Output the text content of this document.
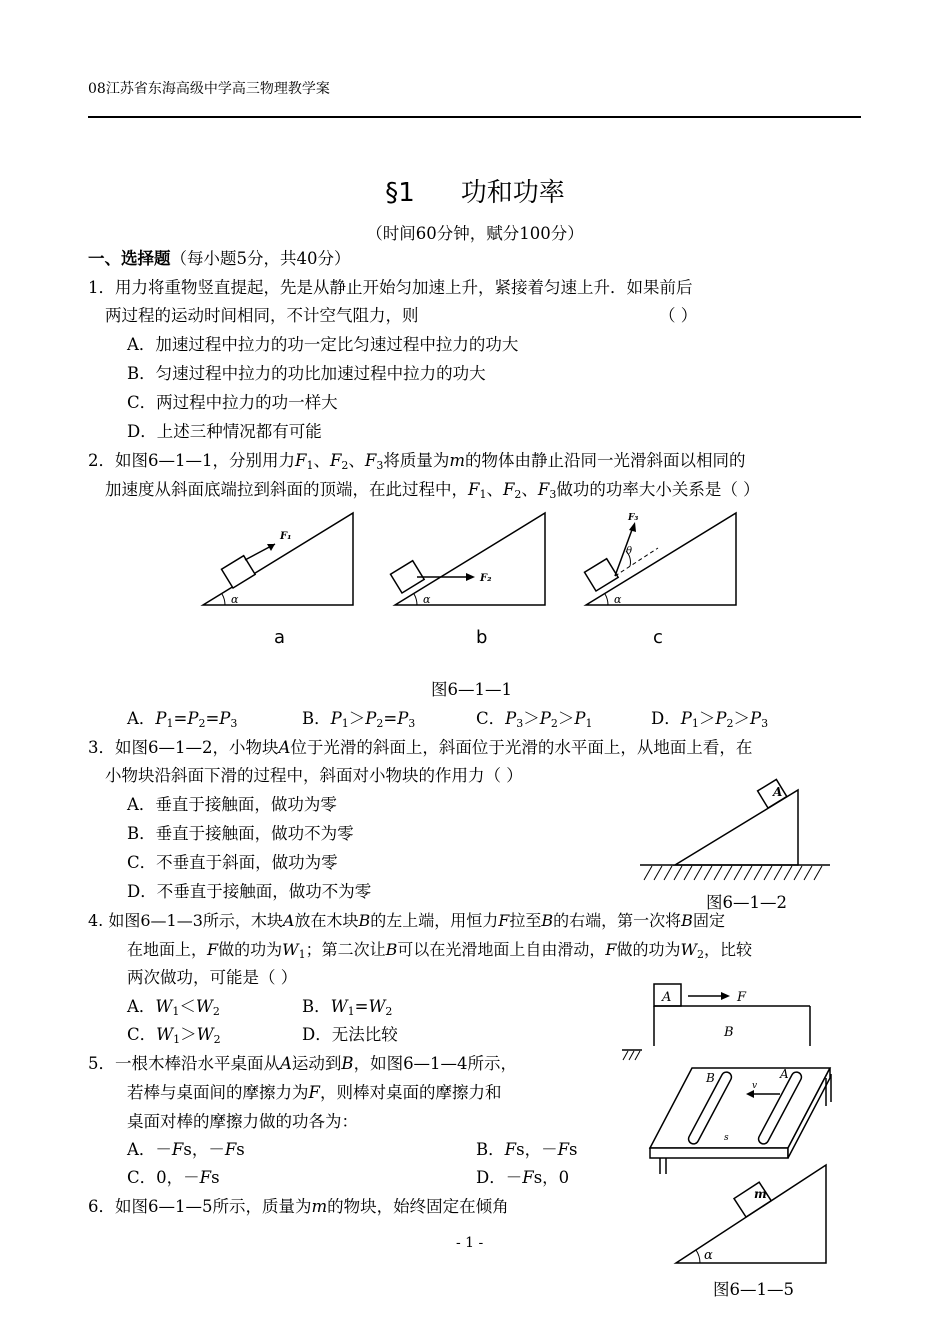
08江苏省东海高级中学高三物理教学案
§1 功和功率
（时间60分钟，赋分100分）
一、选择题（每小题5分，共40分）
1．用力将重物竖直提起，先是从静止开始匀加速上升，紧接着匀速上升．如果前后
两过程的运动时间相同，不计空气阻力，则	（ ）
A．加速过程中拉力的功一定比匀速过程中拉力的功大
B．匀速过程中拉力的功比加速过程中拉力的功大
C．两过程中拉力的功一样大
D．上述三种情况都有可能
2．如图6—1—1，分别用力$F_1$、$F_2$、$F_3$将质量为m的物体由静止沿同一光滑斜面以相同的
加速度从斜面底端拉到斜面的顶端，在此过程中，$F_1$、$F_2$、$F_3$做功的功率大小关系是（ ）
F₁
α
a
F₂
α
b
F₃
θ
α
c
图6—1—1
A．$P_1=P_2=P_3$	B．$P_1>P_2=P_3$	C．$P_3>P_2>P_1$	D．$P_1>P_2>P_3$
3．如图6—1—2，小物块A位于光滑的斜面上，斜面位于光滑的水平面上，从地面上看，在
小物块沿斜面下滑的过程中，斜面对小物块的作用力（ ）
A．垂直于接触面，做功为零
B．垂直于接触面，做功不为零
C．不垂直于斜面，做功为零
D．不垂直于接触面，做功不为零
A
图6—1—2
4. 如图6—1—3所示，木块A放在木块B的左上端，用恒力F拉至B的右端，第一次将B固定
在地面上，F做的功为$W_1$；第二次让B可以在光滑地面上自由滑动，F做的功为$W_2$，比较
两次做功，可能是（ ）
A．$W_1<W_2$	B．$W_1=W_2$
C．$W_1>W_2$	D．无法比较
A	F
B
5．一根木棒沿水平桌面从A运动到B，如图6—1—4所示，
若棒与桌面间的摩擦力为F，则棒对桌面的摩擦力和
桌面对棒的摩擦力做的功各为：
A．－Fs，－Fs	B．Fs，－Fs
C．0，－Fs	D．－Fs，0
B	A
v
s
6．如图6—1—5所示，质量为m的物块，始终固定在倾角
m
α
图6—1—5
- 1 -
